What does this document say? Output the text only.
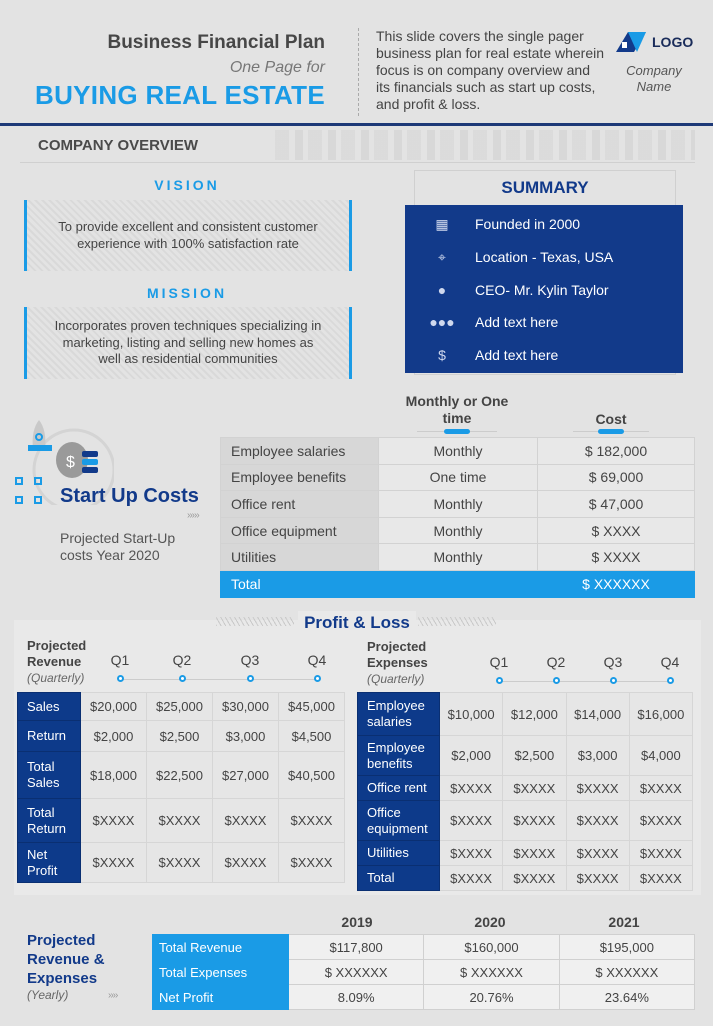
Business Financial Plan
One Page for
BUYING REAL ESTATE
This slide covers the single pager business plan for real estate wherein focus is on company overview and its financials such as start up costs, and profit & loss.
LOGO
Company Name
COMPANY OVERVIEW
VISION
To provide excellent and consistent customer experience with 100% satisfaction rate
MISSION
Incorporates proven techniques specializing in marketing, listing and selling new homes as well as residential communities
SUMMARY
▦	Founded in 2000
⌖	Location - Texas, USA
●	CEO- Mr. Kylin Taylor
●●● Add text here
$	Add text here
$
Start Up Costs
›››››
Projected Start-Up costs Year 2020
Monthly or One time	Cost
Employee salaries	Monthly	$ 182,000
Employee benefits	One time	$ 69,000
Office rent	Monthly	$ 47,000
Office equipment	Monthly	$ XXXX
Utilities	Monthly	$ XXXX
Total		$ XXXXXX
Profit & Loss
Projected
Revenue
(Quarterly)
Projected
Expenses
(Quarterly)
Q1	Q2	Q3	Q4	Q1	Q2	Q3	Q4
Sales	$20,000	$25,000	$30,000	$45,000
Return	$2,000	$2,500	$3,000	$4,500
Total Sales	$18,000	$22,500	$27,000	$40,500
Total Return	$XXXX	$XXXX	$XXXX	$XXXX
Net Profit	$XXXX	$XXXX	$XXXX	$XXXX
Employee salaries	$10,000	$12,000	$14,000	$16,000
Employee benefits	$2,000	$2,500	$3,000	$4,000
Office rent	$XXXX	$XXXX	$XXXX	$XXXX
Office equipment	$XXXX	$XXXX	$XXXX	$XXXX
Utilities	$XXXX	$XXXX	$XXXX	$XXXX
Total	$XXXX	$XXXX	$XXXX	$XXXX
Projected Revenue & Expenses
(Yearly)	››››
2019	2020	2021
Total Revenue	$117,800	$160,000	$195,000
Total Expenses	$ XXXXXX	$ XXXXXX	$ XXXXXX
Net Profit	8.09%	20.76%	23.64%
